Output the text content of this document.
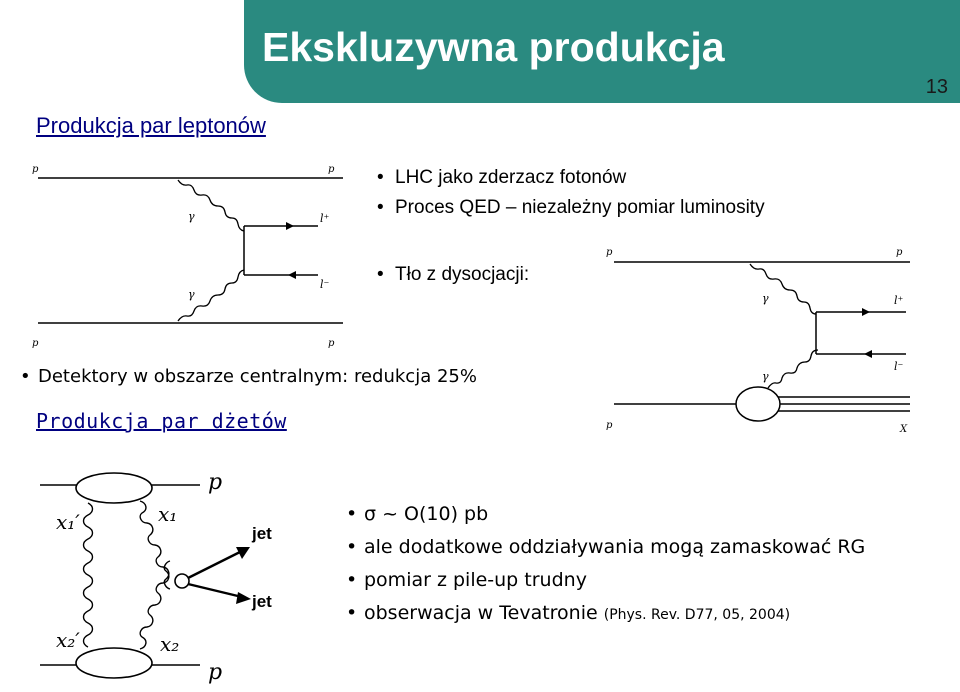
Ekskluzywna produkcja
13
Produkcja par leptonów
• LHC jako zderzacz fotonów
• Proces QED – niezależny pomiar luminosity
• Tło z dysocjacji:
• Detektory w obszarze centralnym: redukcja 25%
Produkcja par dżetów
• σ ~ O(10) pb
• ale dodatkowe oddziaływania mogą zamaskować RG
• pomiar z pile-up trudny
• obserwacja w Tevatronie (Phys. Rev. D77, 05, 2004)
p	p
p	p
γ
γ
l⁺
l⁻
p	p
p
γ
γ
l⁺
l⁻
X
p
p
x₁′	x₁
x₂′	x₂
jet
jet
